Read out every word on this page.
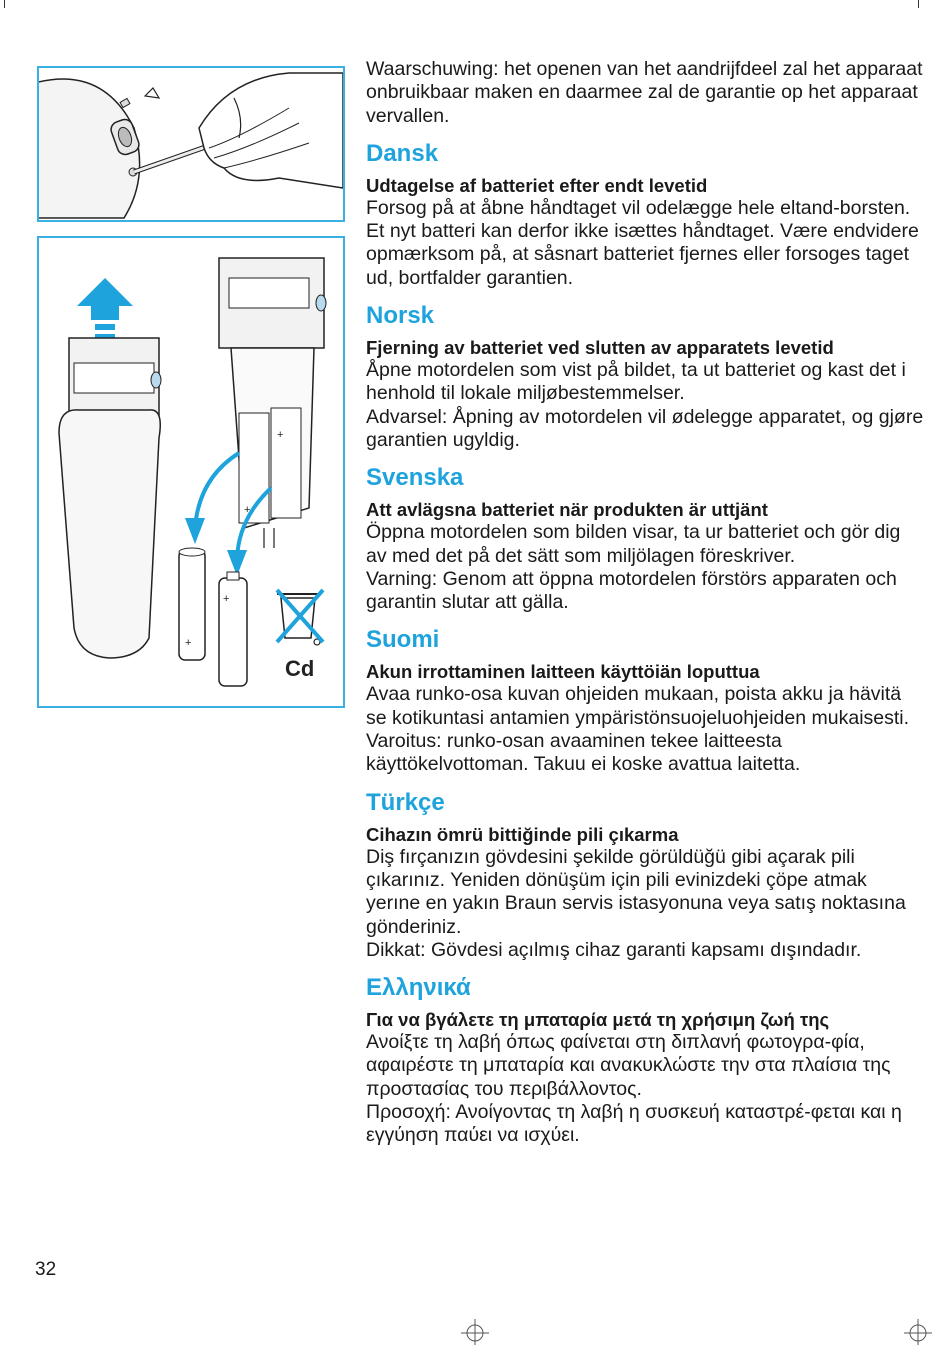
+
+
+
+
Cd

Waarschuwing: het openen van het aandrijfdeel zal het apparaat onbruikbaar maken en daarmee zal de garantie op het apparaat vervallen.

Dansk
Udtagelse af batteriet efter endt levetid

Forsog på at åbne håndtaget vil odelægge hele eltand-borsten. Et nyt batteri kan derfor ikke isættes håndtaget. Være endvidere opmærksom på, at såsnart batteriet fjernes eller forsoges taget ud, bortfalder garantien.

Norsk
Fjerning av batteriet ved slutten av apparatets levetid

Åpne motordelen som vist på bildet, ta ut batteriet og kast det i henhold til lokale miljøbestemmelser.

Advarsel: Åpning av motordelen vil ødelegge apparatet, og gjøre garantien ugyldig.

Svenska
Att avlägsna batteriet när produkten är uttjänt

Öppna motordelen som bilden visar, ta ur batteriet och gör dig av med det på det sätt som miljölagen föreskriver.

Varning: Genom att öppna motordelen förstörs apparaten och garantin slutar att gälla.

Suomi
Akun irrottaminen laitteen käyttöiän loputtua

Avaa runko-osa kuvan ohjeiden mukaan, poista akku ja hävitä se kotikuntasi antamien ympäristönsuojeluohjeiden mukaisesti.

Varoitus: runko-osan avaaminen tekee laitteesta käyttökelvottoman. Takuu ei koske avattua laitetta.

Türkçe
Cihazın ömrü bittiğinde pili çıkarma

Diş fırçanızın gövdesini şekilde görüldüğü gibi açarak pili çıkarınız. Yeniden dönüşüm için pili evinizdeki çöpe atmak yerıne en yakın Braun servis istasyonuna veya satış noktasına gönderiniz.

Dikkat: Gövdesi açılmış cihaz garanti kapsamı dışındadır.

Ελληνικά
Για να βγάλετε τη μπαταρία μετά τη χρήσιμη ζωή της

Ανοίξτε τη λαβή όπως φαίνεται στη διπλανή φωτογρα-φία, αφαιρέστε τη μπαταρία και ανακυκλώστε την στα πλαίσια της προστασίας του περιβάλλοντος.

Προσοχή: Ανοίγοντας τη λαβή η συσκευή καταστρέ-φεται και η εγγύηση παύει να ισχύει.

32
